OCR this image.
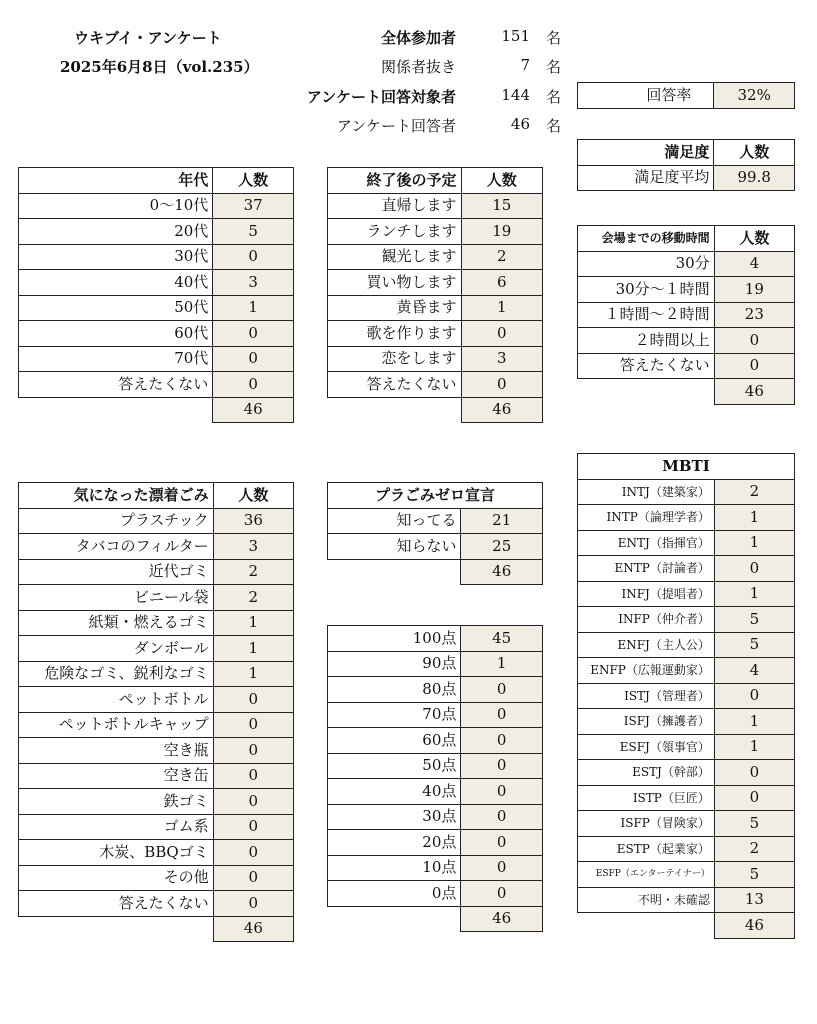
ウキブイ・アンケート
2025年6月8日（vol.235）
全体参加者	151 名
関係者抜き	7 名
アンケート回答対象者	144 名
アンケート回答者	46 名
回答率	32%
満足度	人数
満足度平均	99.8
年代	人数
0〜10代	37
20代	5
30代	0
40代	3
50代	1
60代	0
70代	0
答えたくない	0
	46
終了後の予定	人数
直帰します	15
ランチします	19
観光します	2
買い物します	6
黄昏ます	1
歌を作ります	0
恋をします	3
答えたくない	0
	46
会場までの移動時間	人数
30分	4
30分〜１時間	19
１時間〜２時間	23
２時間以上	0
答えたくない	0
	46
気になった漂着ごみ	人数
プラスチック	36
タバコのフィルター	3
近代ゴミ	2
ビニール袋	2
紙類・燃えるゴミ	1
ダンボール	1
危険なゴミ、鋭利なゴミ	1
ペットボトル	0
ペットボトルキャップ	0
空き瓶	0
空き缶	0
鉄ゴミ	0
ゴム系	0
木炭、BBQゴミ	0
その他	0
答えたくない	0
	46
プラごみゼロ宣言	
知ってる	21
知らない	25
	46
100点	45
90点	1
80点	0
70点	0
60点	0
50点	0
40点	0
30点	0
20点	0
10点	0
0点	0
	46
MBTI	
INTJ（建築家）	2
INTP（論理学者）	1
ENTJ（指揮官）	1
ENTP（討論者）	0
INFJ（提唱者）	1
INFP（仲介者）	5
ENFJ（主人公）	5
ENFP（広報運動家）	4
ISTJ（管理者）	0
ISFJ（擁護者）	1
ESFJ（領事官）	1
ESTJ（幹部）	0
ISTP（巨匠）	0
ISFP（冒険家）	5
ESTP（起業家）	2
ESFP（エンターテイナー）	5
不明・未確認	13
	46
